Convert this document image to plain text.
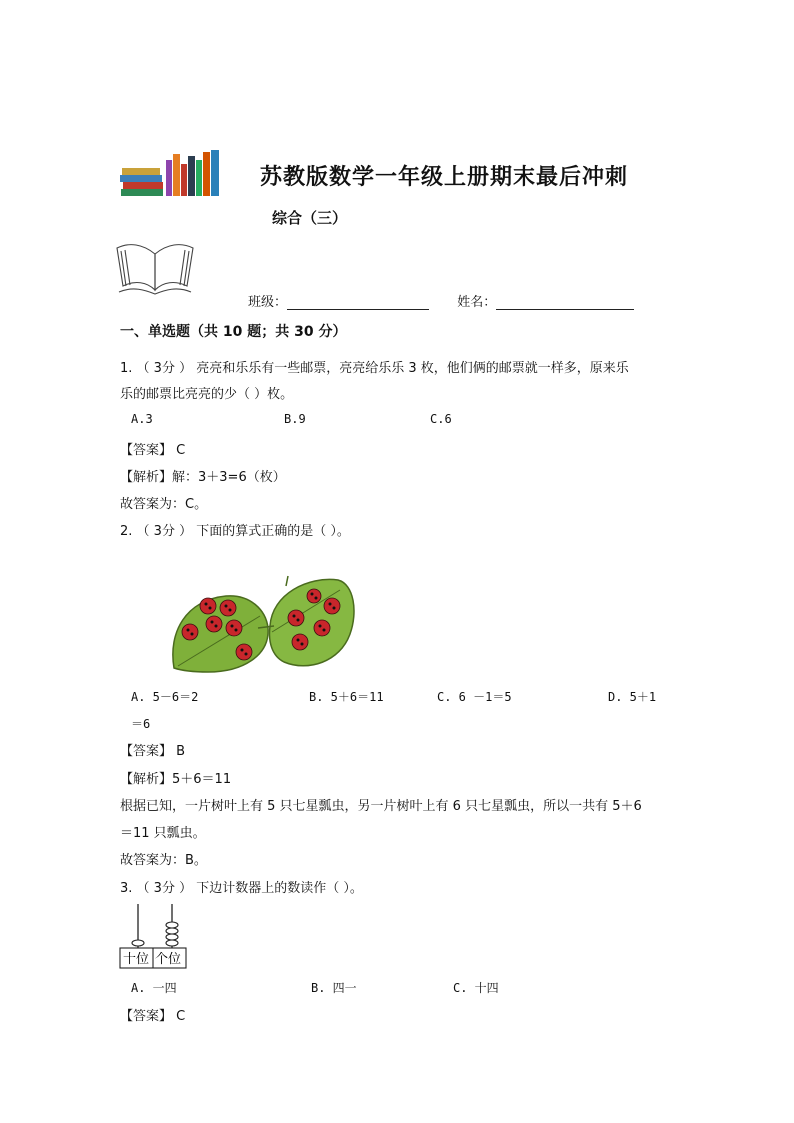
苏教版数学一年级上册期末最后冲刺
综合（三）
班级：	姓名：
一、单选题（共 10 题；共 30 分）
1. （ 3分 ） 亮亮和乐乐有一些邮票，亮亮给乐乐 3 枚，他们俩的邮票就一样多，原来乐
乐的邮票比亮亮的少（ ）枚。
A.3	B.9	C.6
【答案】 C
【解析】解：3＋3=6（枚）
故答案为：C。
2. （ 3分 ） 下面的算式正确的是（ ）。
A. 5－6＝2	B. 5＋6＝11	C. 6 －1＝5	D. 5＋1
＝6
【答案】 B
【解析】5＋6＝11
根据已知，一片树叶上有 5 只七星瓢虫，另一片树叶上有 6 只七星瓢虫，所以一共有 5＋6
＝11 只瓢虫。
故答案为：B。
3. （ 3分 ） 下边计数器上的数读作（ ）。
十位 个位
A. 一四	B. 四一	C. 十四
【答案】 C
